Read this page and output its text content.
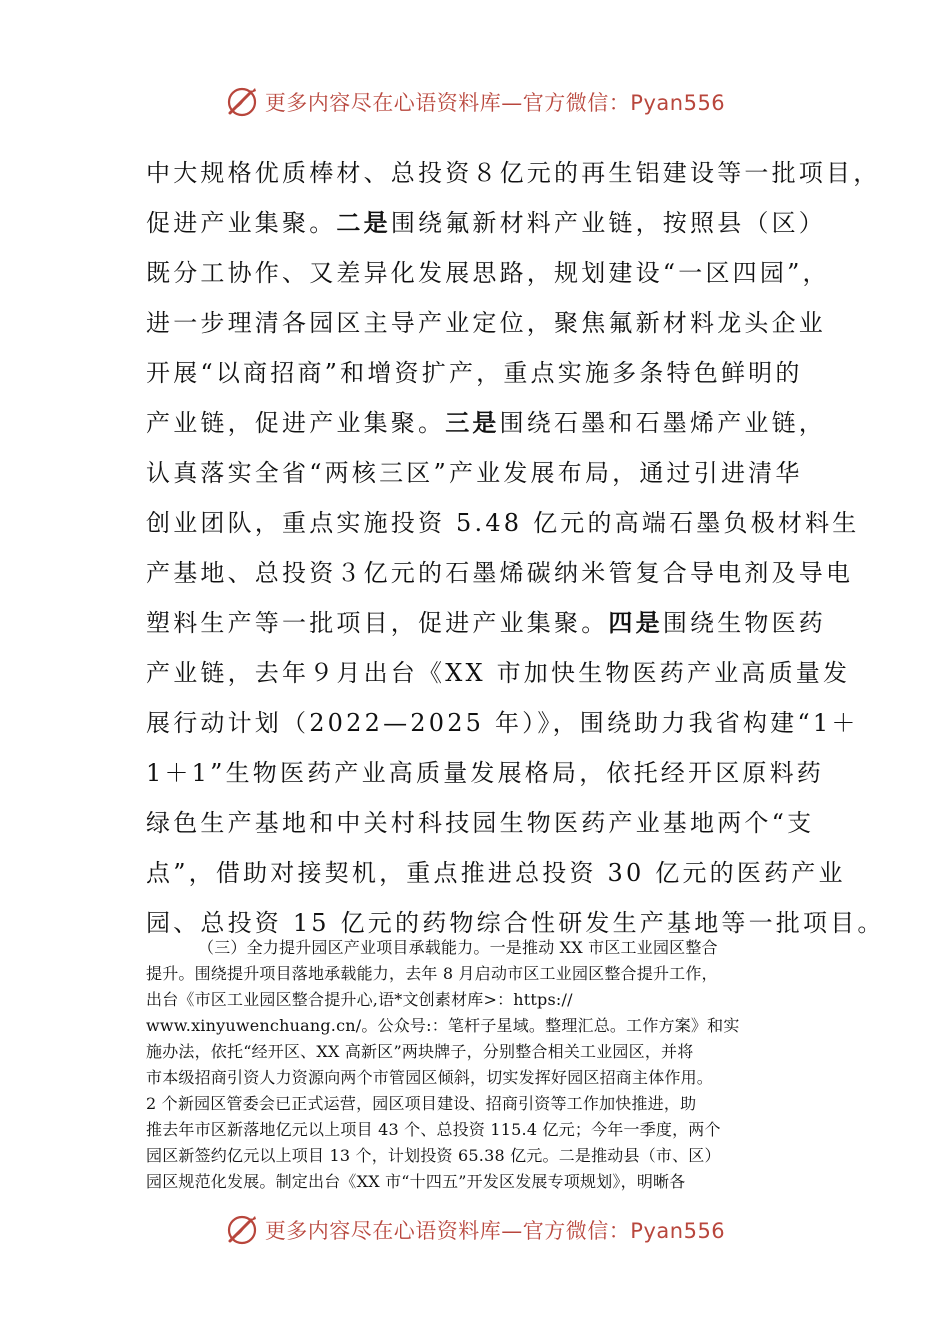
更多内容尽在心语资料库—官方微信：Pyan556
中大规格优质棒材、总投资８亿元的再生铝建设等一批项目，
促进产业集聚。二是围绕氟新材料产业链，按照县（区）
既分工协作、又差异化发展思路，规划建设“一区四园”，
进一步理清各园区主导产业定位，聚焦氟新材料龙头企业
开展“以商招商”和增资扩产，重点实施多条特色鲜明的
产业链，促进产业集聚。三是围绕石墨和石墨烯产业链，
认真落实全省“两核三区”产业发展布局，通过引进清华
创业团队，重点实施投资 5.48 亿元的高端石墨负极材料生
产基地、总投资３亿元的石墨烯碳纳米管复合导电剂及导电
塑料生产等一批项目，促进产业集聚。四是围绕生物医药
产业链，去年９月出台《XX 市加快生物医药产业高质量发
展行动计划（2022—2025 年）》，围绕助力我省构建“1＋
1＋1”生物医药产业高质量发展格局，依托经开区原料药
绿色生产基地和中关村科技园生物医药产业基地两个“支
点”，借助对接契机，重点推进总投资 30 亿元的医药产业
园、总投资 15 亿元的药物综合性研发生产基地等一批项目。
（三）全力提升园区产业项目承载能力。一是推动 XX 市区工业园区整合
提升。围绕提升项目落地承载能力，去年 8 月启动市区工业园区整合提升工作，
出台《市区工业园区整合提升心,语*文创素材库>：https://
www.xinyuwenchuang.cn/。公众号:：笔杆子星域。整理汇总。工作方案》和实
施办法，依托“经开区、XX 高新区”两块牌子，分别整合相关工业园区，并将
市本级招商引资人力资源向两个市管园区倾斜，切实发挥好园区招商主体作用。
2 个新园区管委会已正式运营，园区项目建设、招商引资等工作加快推进，助
推去年市区新落地亿元以上项目 43 个、总投资 115.4 亿元；今年一季度，两个
园区新签约亿元以上项目 13 个，计划投资 65.38 亿元。二是推动县（市、区）
园区规范化发展。制定出台《XX 市“十四五”开发区发展专项规划》，明晰各
更多内容尽在心语资料库—官方微信：Pyan556
